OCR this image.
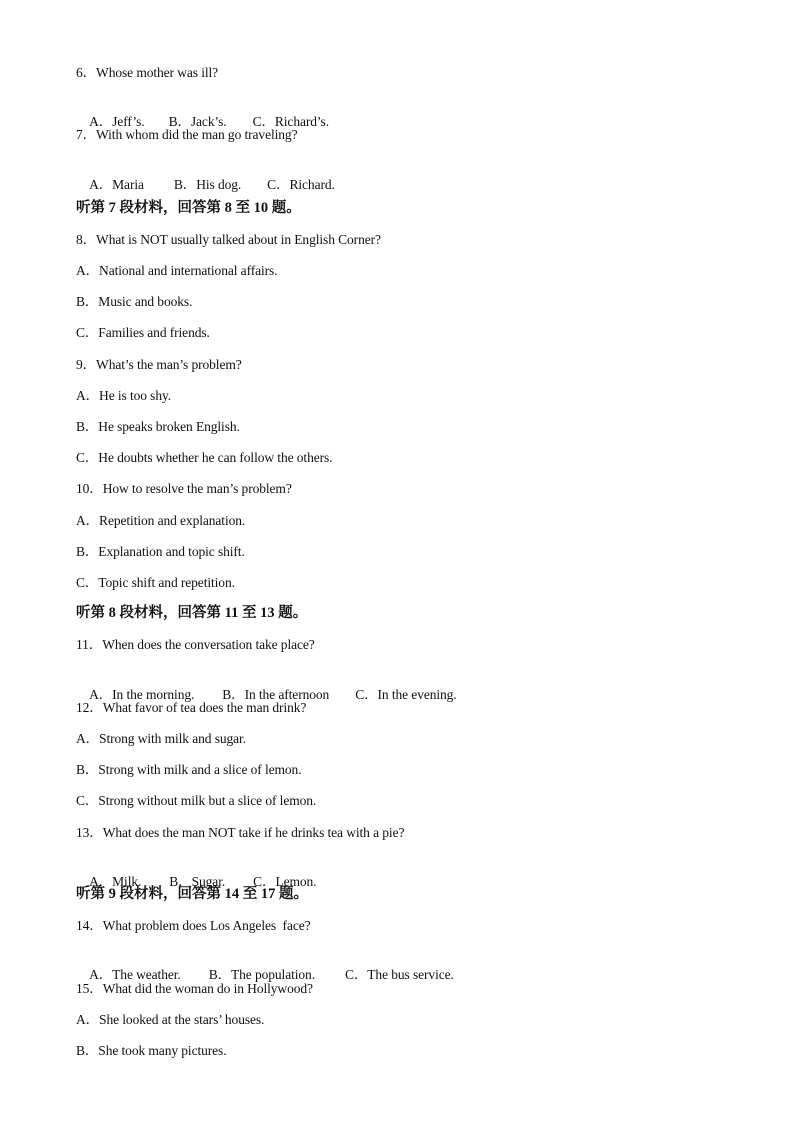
6．Whose mother was ill?

A．Jeff’s. B．Jack’s. C．Richard’s.

7．With whom did the man go traveling?

A．Maria B．His dog. C．Richard.

听第 7 段材料，回答第 8 至 10 题。
8．What is NOT usually talked about in English Corner?
A．National and international affairs.
B．Music and books.
C．Families and friends.
9．What’s the man’s problem?
A．He is too shy.
B．He speaks broken English.
C．He doubts whether he can follow the others.
10．How to resolve the man’s problem?
A．Repetition and explanation.
B．Explanation and topic shift.
C．Topic shift and repetition.
听第 8 段材料，回答第 11 至 13 题。
11．When does the conversation take place?

A．In the morning. B．In the afternoon C．In the evening.

12．What favor of tea does the man drink?
A．Strong with milk and sugar.
B．Strong with milk and a slice of lemon.
C．Strong without milk but a slice of lemon.
13．What does the man NOT take if he drinks tea with a pie?

A．Milk. B．Sugar. C．Lemon.

听第 9 段材料，回答第 14 至 17 题。
14．What problem does Los Angeles  face?

A．The weather. B．The population. C．The bus service.

15．What did the woman do in Hollywood?
A．She looked at the stars’ houses.
B．She took many pictures.
